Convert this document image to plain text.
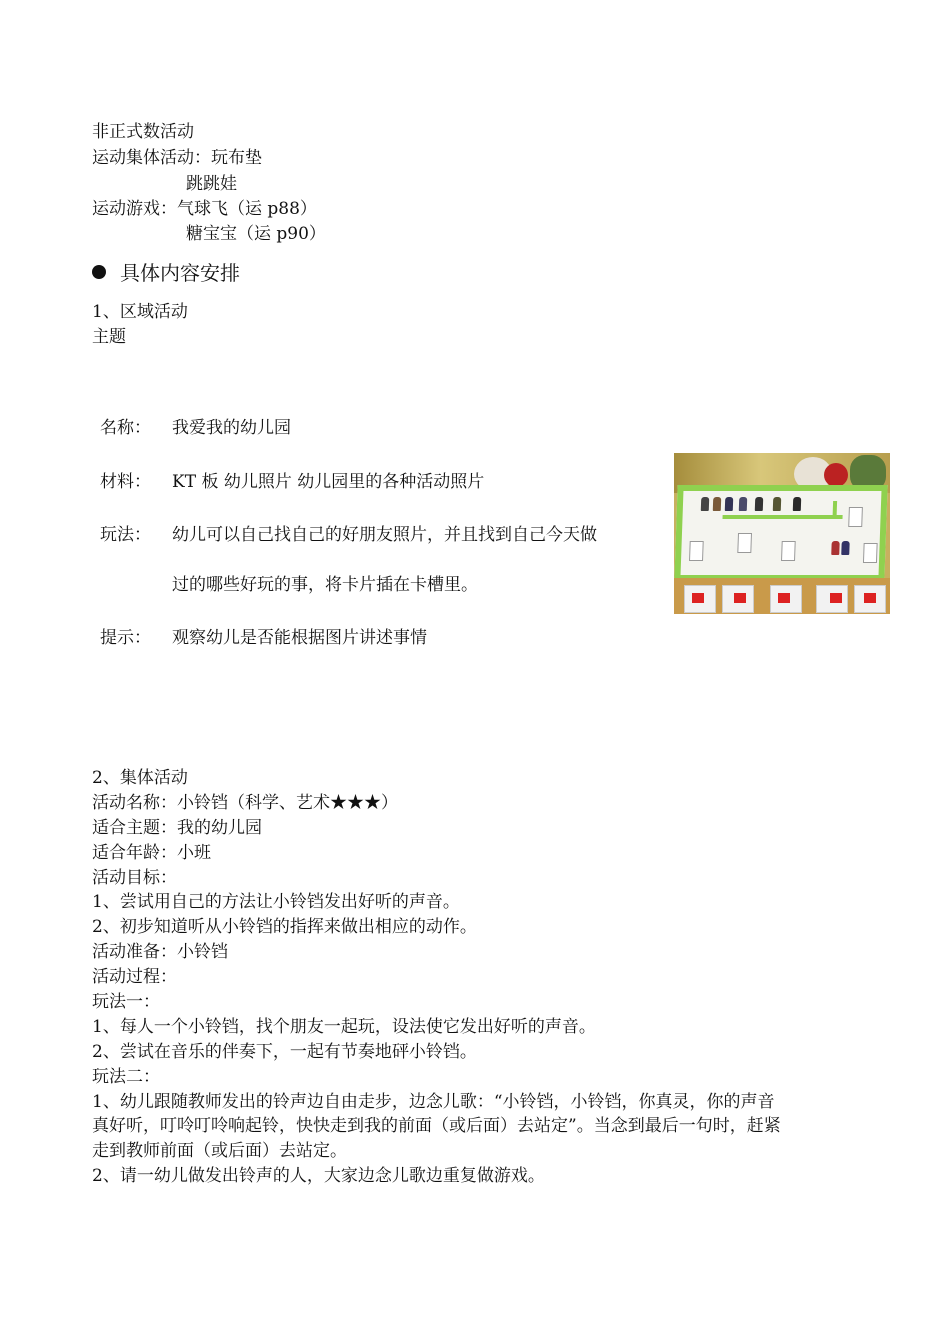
非正式数活动
运动集体活动：玩布垫
跳跳娃
运动游戏：气球飞（运 p88）
糖宝宝（运 p90）
具体内容安排
1、区域活动
主题
名称： 我爱我的幼儿园
材料： KT 板 幼儿照片 幼儿园里的各种活动照片
玩法： 幼儿可以自己找自己的好朋友照片，并且找到自己今天做
过的哪些好玩的事，将卡片插在卡槽里。
提示： 观察幼儿是否能根据图片讲述事情
2、集体活动
活动名称：小铃铛（科学、艺术★★★）
适合主题：我的幼儿园
适合年龄：小班
活动目标：
1、尝试用自己的方法让小铃铛发出好听的声音。
2、初步知道听从小铃铛的指挥来做出相应的动作。
活动准备：小铃铛
活动过程：
玩法一：
1、每人一个小铃铛，找个朋友一起玩，设法使它发出好听的声音。
2、尝试在音乐的伴奏下，一起有节奏地砰小铃铛。
玩法二：
1、幼儿跟随教师发出的铃声边自由走步，边念儿歌：“小铃铛，小铃铛，你真灵，你的声音
真好听，叮呤叮呤响起铃，快快走到我的前面（或后面）去站定”。当念到最后一句时，赶紧
走到教师前面（或后面）去站定。
2、请一幼儿做发出铃声的人，大家边念儿歌边重复做游戏。
